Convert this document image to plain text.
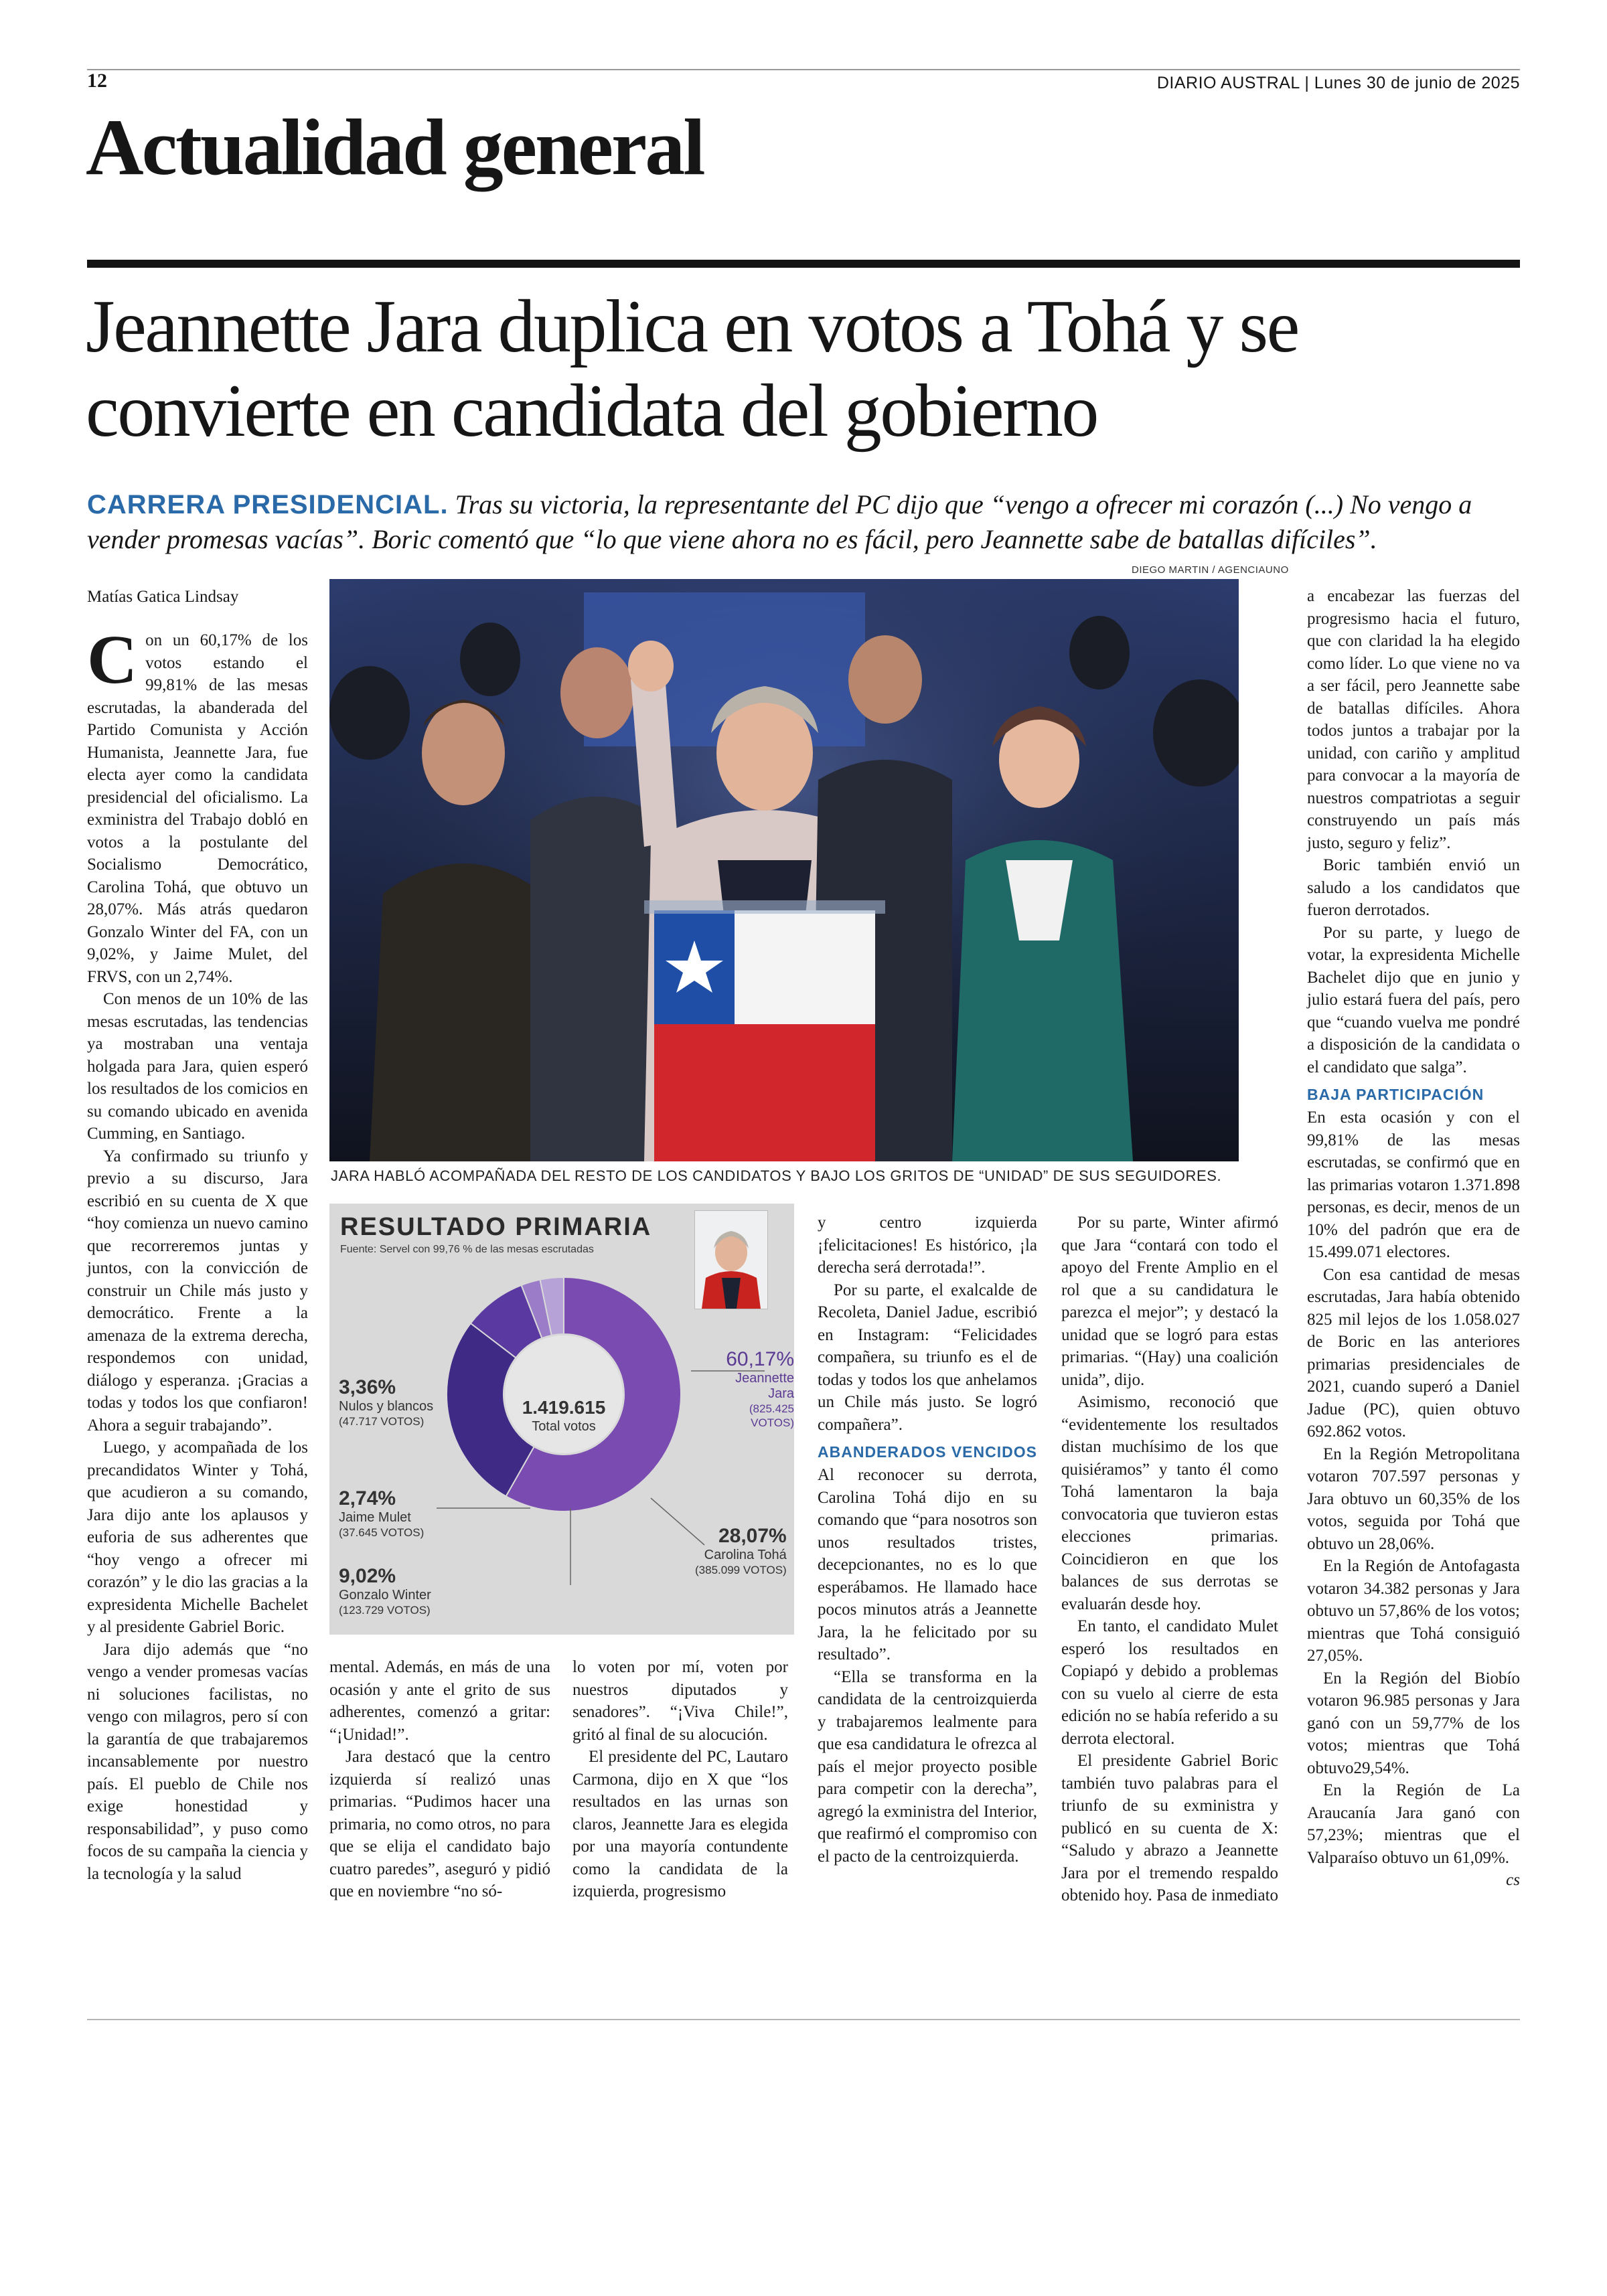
12	DIARIO AUSTRAL | Lunes 30 de junio de 2025
Actualidad general
Jeannette Jara duplica en votos a Tohá y se convierte en candidata del gobierno
CARRERA PRESIDENCIAL. Tras su victoria, la representante del PC dijo que “vengo a ofrecer mi corazón (...) No vengo a vender promesas vacías”. Boric comentó que “lo que viene ahora no es fácil, pero Jeannette sabe de batallas difíciles”.
DIEGO MARTIN / AGENCIAUNO
JARA HABLÓ ACOMPAÑADA DEL RESTO DE LOS CANDIDATOS Y BAJO LOS GRITOS DE “UNIDAD” DE SUS SEGUIDORES.
Matías Gatica Lindsay

Con un 60,17% de los votos estando el 99,81% de las mesas escrutadas, la abanderada del Partido Comunista y Acción Humanista, Jeannette Jara, fue electa ayer como la candidata presidencial del oficialismo. La exministra del Trabajo dobló en votos a la postulante del Socialismo Democrático, Carolina Tohá, que obtuvo un 28,07%. Más atrás quedaron Gonzalo Winter del FA, con un 9,02%, y Jaime Mulet, del FRVS, con un 2,74%.

Con menos de un 10% de las mesas escrutadas, las tendencias ya mostraban una ventaja holgada para Jara, quien esperó los resultados de los comicios en su comando ubicado en avenida Cumming, en Santiago.

Ya confirmado su triunfo y previo a su discurso, Jara escribió en su cuenta de X que “hoy comienza un nuevo camino que recorreremos juntas y juntos, con la convicción de construir un Chile más justo y democrático. Frente a la amenaza de la extrema derecha, respondemos con unidad, diálogo y esperanza. ¡Gracias a todas y todos los que confiaron! Ahora a seguir trabajando”.

Luego, y acompañada de los precandidatos Winter y Tohá, que acudieron a su comando, Jara dijo ante los aplausos y euforia de sus adherentes que “hoy vengo a ofrecer mi corazón” y le dio las gracias a la expresidenta Michelle Bachelet y al presidente Gabriel Boric.

Jara dijo además que “no vengo a vender promesas vacías ni soluciones facilistas, no vengo con milagros, pero sí con la garantía de que trabajaremos incansablemente por nuestro país. El pueblo de Chile nos exige honestidad y responsabilidad”, y puso como focos de su campaña la ciencia y la tecnología y la salud

RESULTADO PRIMARIA
Fuente: Servel con 99,76 % de las mesas escrutadas
60,17%
Jeannette Jara
(825.425 VOTOS)
28,07%
Carolina Tohá
(385.099 VOTOS)
9,02%
Gonzalo Winter
(123.729 VOTOS)
2,74%
Jaime Mulet
(37.645 VOTOS)
3,36%
Nulos y blancos
(47.717 VOTOS)
1.419.615
Total votos

mental. Además, en más de una ocasión y ante el grito de sus adherentes, comenzó a gritar: “¡Unidad!”.

Jara destacó que la centro izquierda sí realizó unas primarias. “Pudimos hacer una primaria, no como otros, no para que se elija el candidato bajo cuatro paredes”, aseguró y pidió que en noviembre “no só-

lo voten por mí, voten por nuestros diputados y senadores”. “¡Viva Chile!”, gritó al final de su alocución.

El presidente del PC, Lautaro Carmona, dijo en X que “los resultados en las urnas son claros, Jeannette Jara es elegida por una mayoría contundente como la candidata de la izquierda, progresismo

y centro izquierda ¡felicitaciones! Es histórico, ¡la derecha será derrotada!”.

Por su parte, el exalcalde de Recoleta, Daniel Jadue, escribió en Instagram: “Felicidades compañera, su triunfo es el de todas y todos los que anhelamos un Chile más justo. Se logró compañera”.

ABANDERADOS VENCIDOS

Al reconocer su derrota, Carolina Tohá dijo en su comando que “para nosotros son unos resultados tristes, decepcionantes, no es lo que esperábamos. He llamado hace pocos minutos atrás a Jeannette Jara, la he felicitado por su resultado”.

“Ella se transforma en la candidata de la centroizquierda y trabajaremos lealmente para que esa candidatura le ofrezca al país el mejor proyecto posible para competir con la derecha”, agregó la exministra del Interior, que reafirmó el compromiso con el pacto de la centroizquierda.

Por su parte, Winter afirmó que Jara “contará con todo el apoyo del Frente Amplio en el rol que a su candidatura le parezca el mejor”; y destacó la unidad que se logró para estas primarias. “(Hay) una coalición unida”, dijo.

Asimismo, reconoció que “evidentemente los resultados distan muchísimo de los que quisiéramos” y tanto él como Tohá lamentaron la baja convocatoria que tuvieron estas elecciones primarias. Coincidieron en que los balances de sus derrotas se evaluarán desde hoy.

En tanto, el candidato Mulet esperó los resultados en Copiapó y debido a problemas con su vuelo al cierre de esta edición no se había referido a su derrota electoral.

El presidente Gabriel Boric también tuvo palabras para el triunfo de su exministra y publicó en su cuenta de X: “Saludo y abrazo a Jeannette Jara por el tremendo respaldo obtenido hoy. Pasa de inmediato

a encabezar las fuerzas del progresismo hacia el futuro, que con claridad la ha elegido como líder. Lo que viene no va a ser fácil, pero Jeannette sabe de batallas difíciles. Ahora todos juntos a trabajar por la unidad, con cariño y amplitud para convocar a la mayoría de nuestros compatriotas a seguir construyendo un país más justo, seguro y feliz”.

Boric también envió un saludo a los candidatos que fueron derrotados.

Por su parte, y luego de votar, la expresidenta Michelle Bachelet dijo que en junio y julio estará fuera del país, pero que “cuando vuelva me pondré a disposición de la candidata o el candidato que salga”.

BAJA PARTICIPACIÓN

En esta ocasión y con el 99,81% de las mesas escrutadas, se confirmó que en las primarias votaron 1.371.898 personas, es decir, menos de un 10% del padrón que era de 15.499.071 electores.

Con esa cantidad de mesas escrutadas, Jara había obtenido 825 mil lejos de los 1.058.027 de Boric en las anteriores primarias presidenciales de 2021, cuando superó a Daniel Jadue (PC), quien obtuvo 692.862 votos.

En la Región Metropolitana votaron 707.597 personas y Jara obtuvo un 60,35% de los votos, seguida por Tohá que obtuvo un 28,06%.

En la Región de Antofagasta votaron 34.382 personas y Jara obtuvo un 57,86% de los votos; mientras que Tohá consiguió 27,05%.

En la Región del Biobío votaron 96.985 personas y Jara ganó con un 59,77% de los votos; mientras que Tohá obtuvo29,54%.

En la Región de La Araucanía Jara ganó con 57,23%; mientras que el Valparaíso obtuvo un 61,09%.
cs
